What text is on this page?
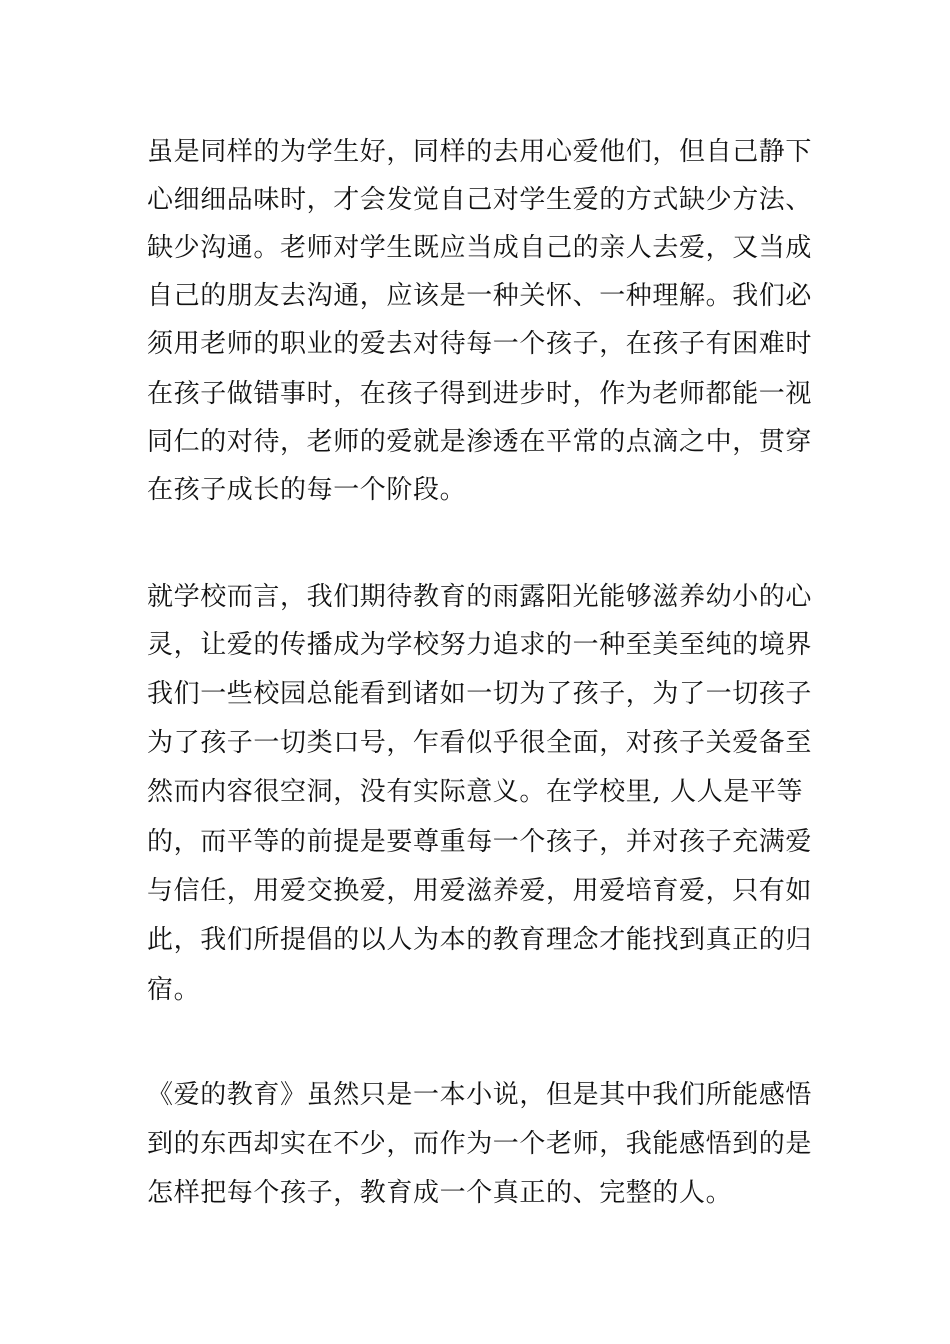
虽是同样的为学生好，同样的去用心爱他们，但自己静下
心细细品味时，才会发觉自己对学生爱的方式缺少方法、
缺少沟通。老师对学生既应当成自己的亲人去爱，又当成
自己的朋友去沟通，应该是一种关怀、一种理解。我们必
须用老师的职业的爱去对待每一个孩子，在孩子有困难时
在孩子做错事时，在孩子得到进步时，作为老师都能一视
同仁的对待，老师的爱就是渗透在平常的点滴之中，贯穿
在孩子成长的每一个阶段。
就学校而言，我们期待教育的雨露阳光能够滋养幼小的心
灵，让爱的传播成为学校努力追求的一种至美至纯的境界
我们一些校园总能看到诸如一切为了孩子，为了一切孩子
为了孩子一切类口号，乍看似乎很全面，对孩子关爱备至
然而内容很空洞，没有实际意义。在学校里, 人人是平等
的，而平等的前提是要尊重每一个孩子，并对孩子充满爱
与信任，用爱交换爱，用爱滋养爱，用爱培育爱，只有如
此，我们所提倡的以人为本的教育理念才能找到真正的归
宿。
《爱的教育》虽然只是一本小说，但是其中我们所能感悟
到的东西却实在不少，而作为一个老师，我能感悟到的是
怎样把每个孩子，教育成一个真正的、完整的人。
